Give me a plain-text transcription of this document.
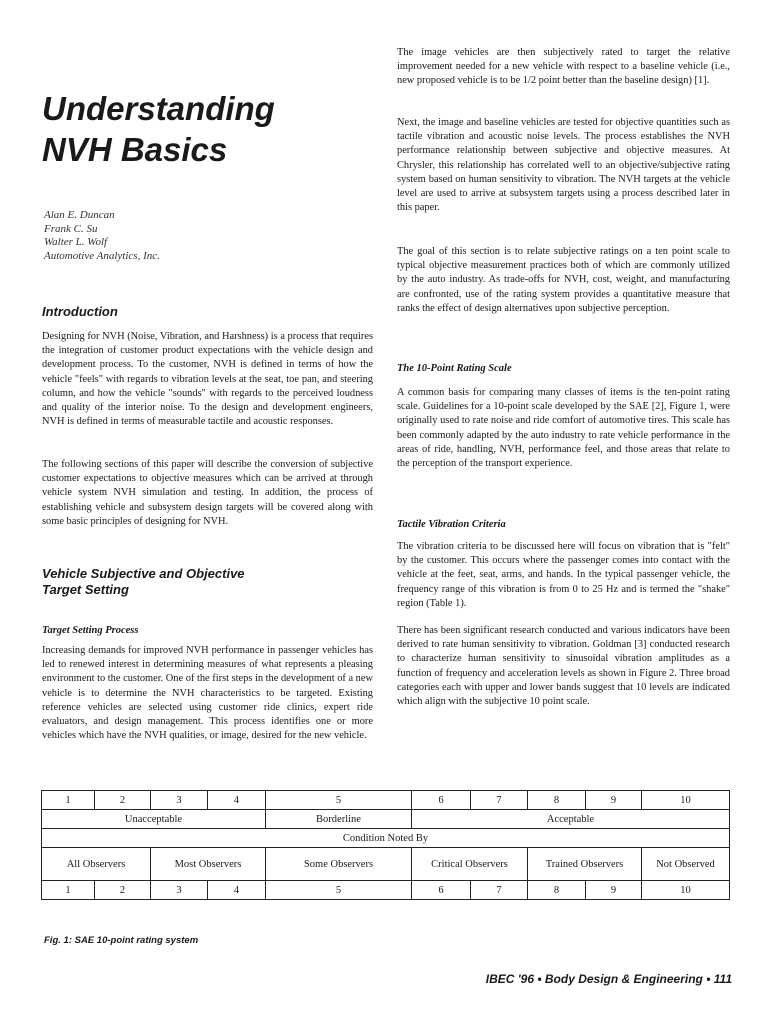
Understanding
NVH Basics
Alan E. Duncan
Frank C. Su
Walter L. Wolf
Automotive Analytics, Inc.
Introduction

Designing for NVH (Noise, Vibration, and Harshness) is a process that requires the integration of customer product expectations with the vehicle design and development process. To the customer, NVH is defined in terms of how the vehicle "feels" with regards to vibration levels at the seat, toe pan, and steering column, and how the vehicle "sounds" with regards to the perceived loudness and quality of the interior noise. To the design and development engineers, NVH is defined in terms of measurable tactile and acoustic responses.

The following sections of this paper will describe the conversion of subjective customer expectations to objective measures which can be arrived at through vehicle system NVH simulation and testing. In addition, the process of establishing vehicle and subsystem design targets will be covered along with some basic principles of designing for NVH.

Vehicle Subjective and Objective
Target Setting
Target Setting Process

Increasing demands for improved NVH performance in passenger vehicles has led to renewed interest in determining measures of what represents a pleasing environment to the customer. One of the first steps in the development of a new vehicle is to determine the NVH characteristics to be targeted. Existing reference vehicles are selected using customer ride clinics, expert ride evaluators, and design management. This process identifies one or more vehicles which have the NVH qualities, or image, desired for the new vehicle.

The image vehicles are then subjectively rated to target the relative improvement needed for a new vehicle with respect to a baseline vehicle (i.e., new proposed vehicle is to be 1/2 point better than the baseline design) [1].

Next, the image and baseline vehicles are tested for objective quantities such as tactile vibration and acoustic noise levels. The process establishes the NVH performance relationship between subjective and objective measures. At Chrysler, this relationship has correlated well to an objective/subjective rating system based on human sensitivity to vibration. The NVH targets at the vehicle level are used to arrive at subsystem targets using a process described later in this paper.

The goal of this section is to relate subjective ratings on a ten point scale to typical objective measurement practices both of which are commonly utilized by the auto industry. As trade-offs for NVH, cost, weight, and manufacturing are confronted, use of the rating system provides a quantitative measure that ranks the effect of design alternatives upon subjective perception.

The 10-Point Rating Scale

A common basis for comparing many classes of items is the ten-point rating scale. Guidelines for a 10-point scale developed by the SAE [2], Figure 1, were originally used to rate noise and ride comfort of automotive tires. This scale has been commonly adapted by the auto industry to rate vehicle performance in the areas of ride, handling, NVH, performance feel, and those areas that relate to the perception of the transport experience.

Tactile Vibration Criteria

The vibration criteria to be discussed here will focus on vibration that is "felt" by the customer. This occurs where the passenger comes into contact with the vehicle at the feet, seat, arms, and hands. In the typical passenger vehicle, the frequency range of this vibration is from 0 to 25 Hz and is termed the "shake" region (Table 1).

There has been significant research conducted and various indicators have been derived to rate human sensitivity to vibration. Goldman [3] conducted research to characterize human sensitivity to sinusoidal vibration amplitudes as a function of frequency and acceleration levels as shown in Figure 2. Three broad categories each with upper and lower bands suggest that 10 levels are indicated which align with the subjective 10 point scale.

1	2	3	4	5	6	7	8	9	10
Unacceptable				Borderline	Acceptable				
Condition Noted By									
All Observers		Most Observers		Some Observers	Critical Observers		Trained Observers		Not Observed
1	2	3	4	5	6	7	8	9	10
Fig. 1: SAE 10-point rating system
IBEC '96 • Body Design & Engineering • 111
